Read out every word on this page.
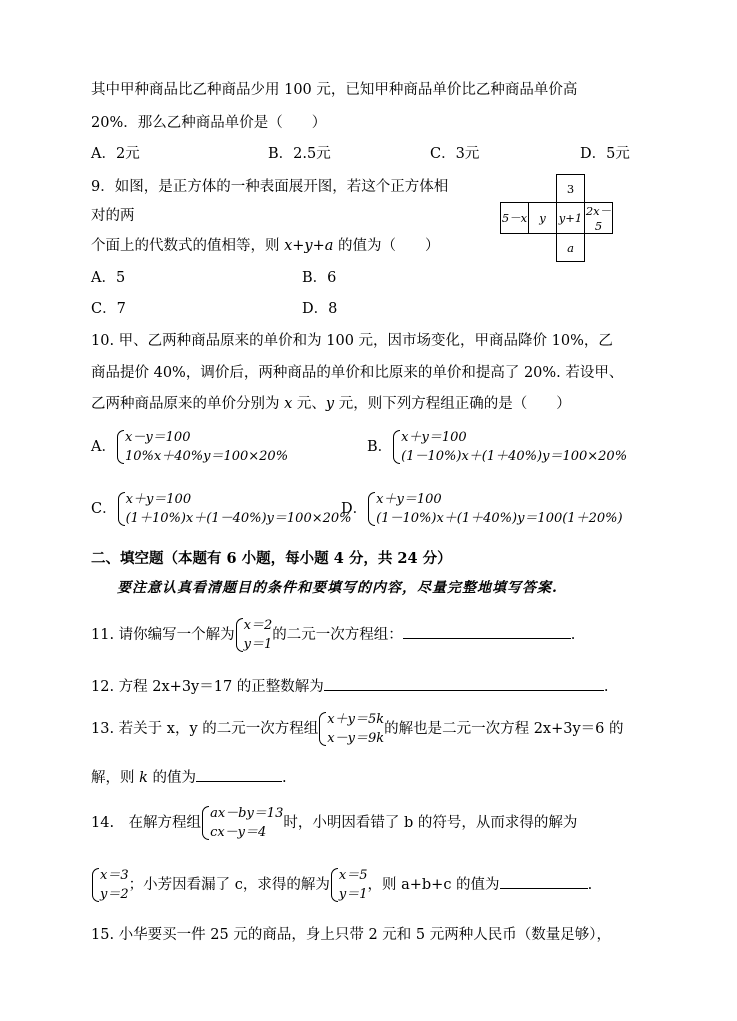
其中甲种商品比乙种商品少用 100 元，已知甲种商品单价比乙种商品单价高
20%．那么乙种商品单价是（　　）
A．2元	B．2.5元	C．3元	D．5元
9．如图，是正方体的一种表面展开图，若这个正方体相
对的两
个面上的代数式的值相等，则 x+y+a 的值为（　　）
		3	
5－x	y	y+1	2x－5
		a	
A．5	B．6
C．7	D．8
10. 甲、乙两种商品原来的单价和为 100 元，因市场变化，甲商品降价 10%，乙
商品提价 40%，调价后，两种商品的单价和比原来的单价和提高了 20%. 若设甲、
乙两种商品原来的单价分别为 x 元、y 元，则下列方程组正确的是（　　）
A．
x－y＝100
10%x＋40%y＝100×20%
B．
x＋y＝100
(1－10%)x＋(1＋40%)y＝100×20%
C．
x＋y＝100
(1＋10%)x＋(1－40%)y＝100×20%
D．
x＋y＝100
(1－10%)x＋(1＋40%)y＝100(1＋20%)
二、填空题（本题有 6 小题，每小题 4 分，共 24 分）
要注意认真看清题目的条件和要填写的内容，尽量完整地填写答案.
11. 请你编写一个解为
x＝2
y＝1
的二元一次方程组：	.
12. 方程 2x+3y＝17 的正整数解为	.
13. 若关于 x，y 的二元一次方程组
x＋y＝5k
x－y＝9k
的解也是二元一次方程 2x+3y＝6 的
解，则 k 的值为	.
14.　在解方程组
ax－by＝13
cx－y＝4
时，小明因看错了 b 的符号，从而求得的解为
x＝3
y＝2
；小芳因看漏了 c，求得的解为
x＝5
y＝1
，则 a+b+c 的值为	.
15. 小华要买一件 25 元的商品，身上只带 2 元和 5 元两种人民币（数量足够），
